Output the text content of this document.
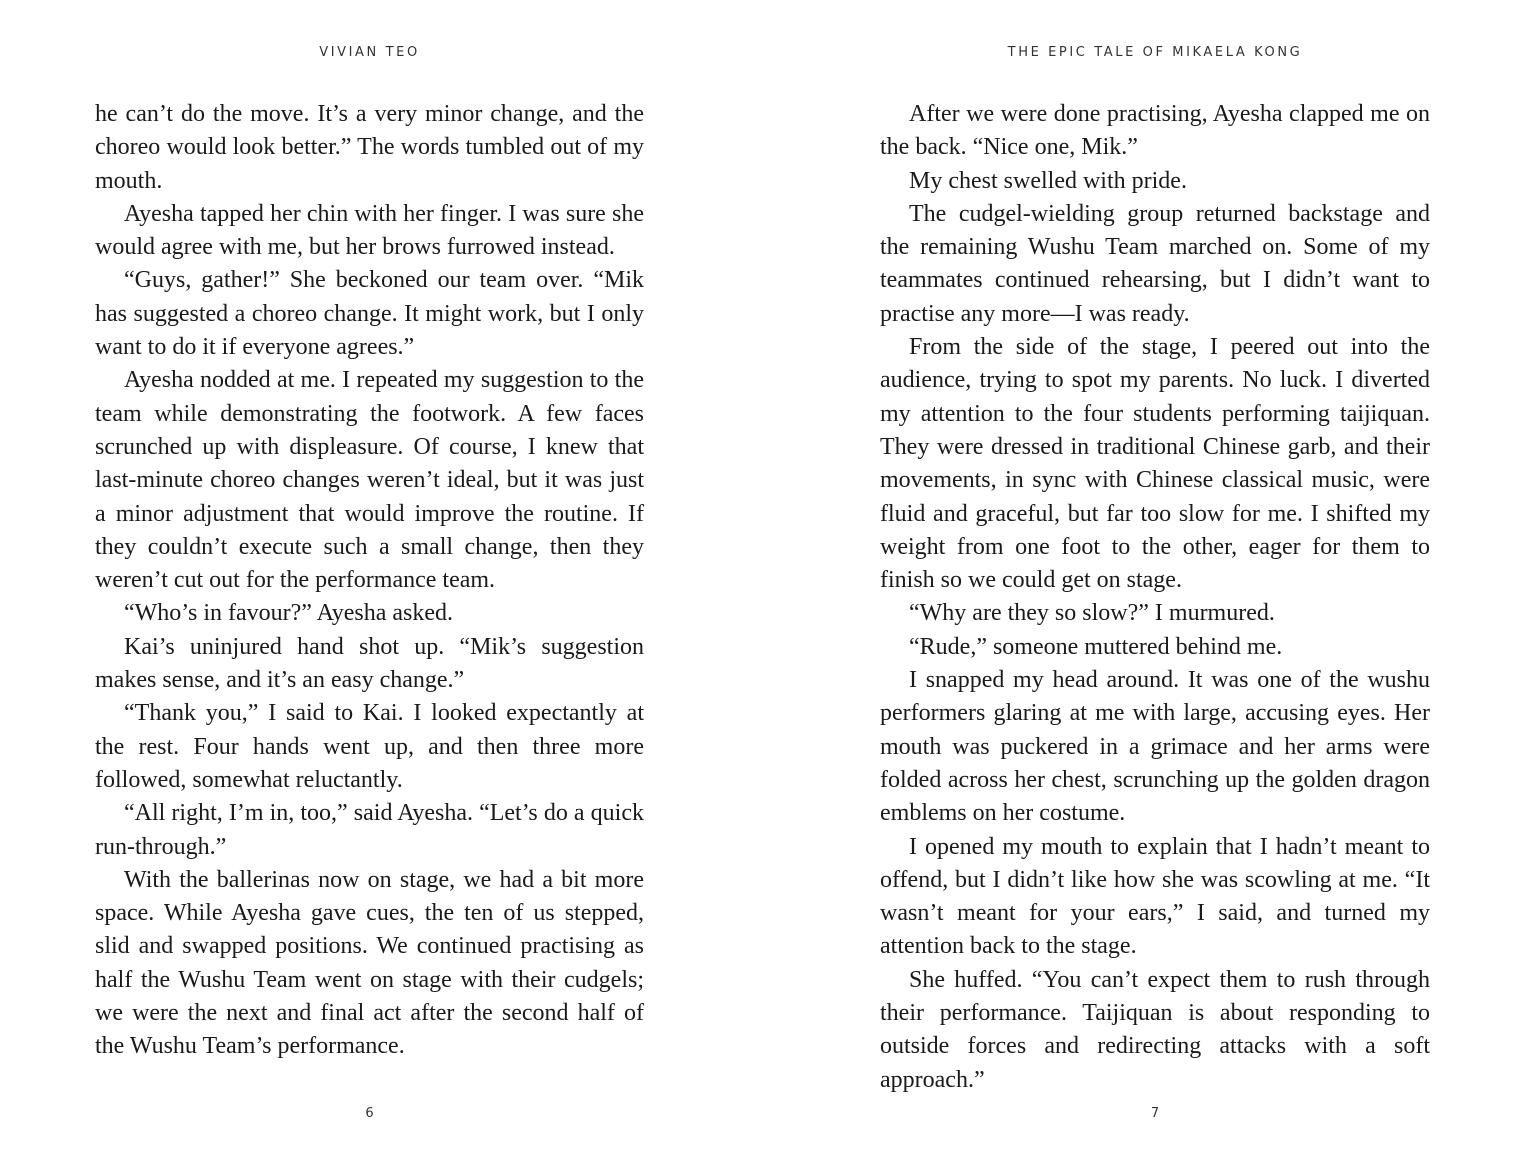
VIVIAN TEO

he can’t do the move. It’s a very minor change, and the choreo would look better.” The words tumbled out of my mouth.

Ayesha tapped her chin with her finger. I was sure she would agree with me, but her brows furrowed instead.

“Guys, gather!” She beckoned our team over. “Mik has suggested a choreo change. It might work, but I only want to do it if everyone agrees.”

Ayesha nodded at me. I repeated my suggestion to the team while demonstrating the footwork. A few faces scrunched up with displeasure. Of course, I knew that last-minute choreo changes weren’t ideal, but it was just a minor adjustment that would improve the routine. If they couldn’t execute such a small change, then they weren’t cut out for the performance team.

“Who’s in favour?” Ayesha asked.

Kai’s uninjured hand shot up. “Mik’s suggestion makes sense, and it’s an easy change.”

“Thank you,” I said to Kai. I looked expectantly at the rest. Four hands went up, and then three more followed, somewhat reluctantly.

“All right, I’m in, too,” said Ayesha. “Let’s do a quick run-through.”

With the ballerinas now on stage, we had a bit more space. While Ayesha gave cues, the ten of us stepped, slid and swapped positions. We continued practising as half the Wushu Team went on stage with their cudgels; we were the next and final act after the second half of the Wushu Team’s performance.

6
THE EPIC TALE OF MIKAELA KONG

After we were done practising, Ayesha clapped me on the back. “Nice one, Mik.”

My chest swelled with pride.

The cudgel-wielding group returned backstage and the remaining Wushu Team marched on. Some of my teammates continued rehearsing, but I didn’t want to practise any more—I was ready.

From the side of the stage, I peered out into the audience, trying to spot my parents. No luck. I diverted my attention to the four students performing taijiquan. They were dressed in traditional Chinese garb, and their movements, in sync with Chinese classical music, were fluid and graceful, but far too slow for me. I shifted my weight from one foot to the other, eager for them to finish so we could get on stage.

“Why are they so slow?” I murmured.

“Rude,” someone muttered behind me.

I snapped my head around. It was one of the wushu performers glaring at me with large, accusing eyes. Her mouth was puckered in a grimace and her arms were folded across her chest, scrunching up the golden dragon emblems on her costume.

I opened my mouth to explain that I hadn’t meant to offend, but I didn’t like how she was scowling at me. “It wasn’t meant for your ears,” I said, and turned my attention back to the stage.

She huffed. “You can’t expect them to rush through their performance. Taijiquan is about responding to outside forces and redirecting attacks with a soft approach.”

7
